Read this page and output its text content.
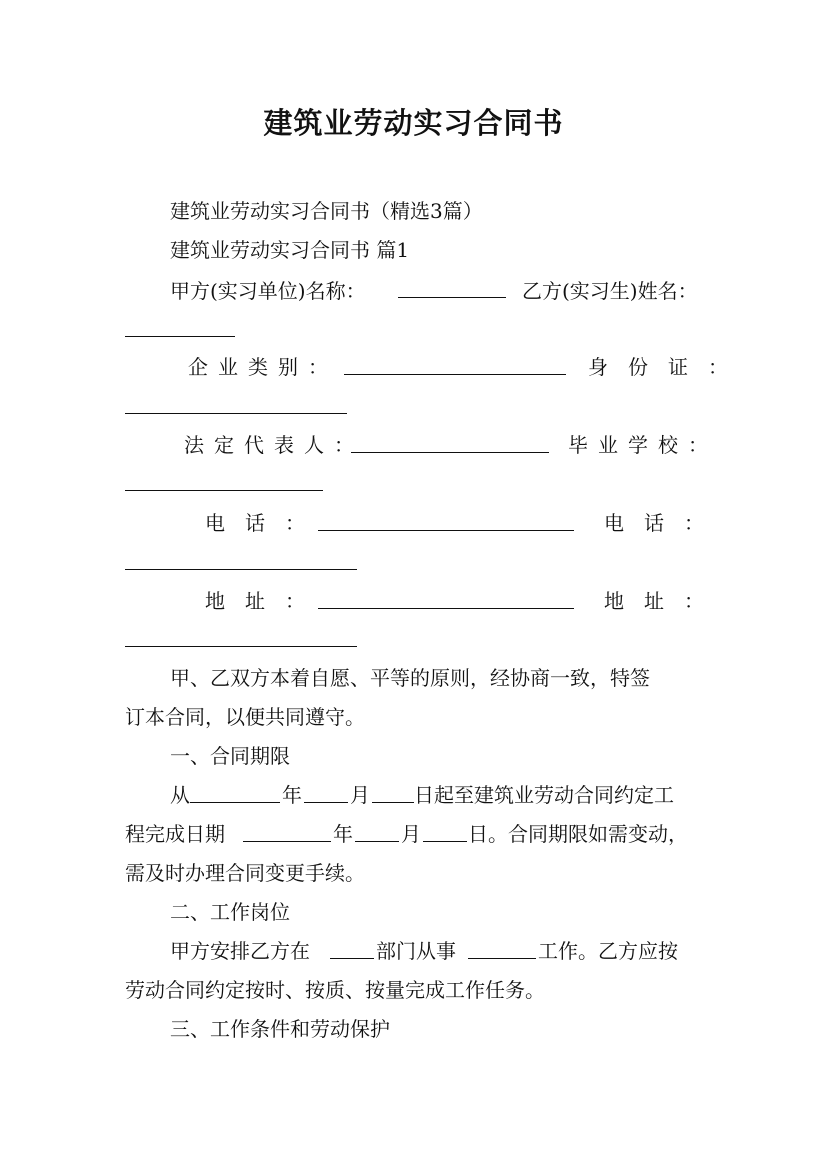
建筑业劳动实习合同书
建筑业劳动实习合同书（精选3篇）
建筑业劳动实习合同书 篇1
甲方(实习单位)名称：	乙方(实习生)姓名：
企业类别：	身份证：
法定代表人：	毕业学校：
电话：	电话：
地址：	地址：
甲、乙双方本着自愿、平等的原则，经协商一致，特签
订本合同，以便共同遵守。
一、合同期限
从	年 月 日起至建筑业劳动合同约定工
程完成日期	年 月 日。合同期限如需变动，
需及时办理合同变更手续。
二、工作岗位
甲方安排乙方在	部门从事	工作。乙方应按
劳动合同约定按时、按质、按量完成工作任务。
三、工作条件和劳动保护
